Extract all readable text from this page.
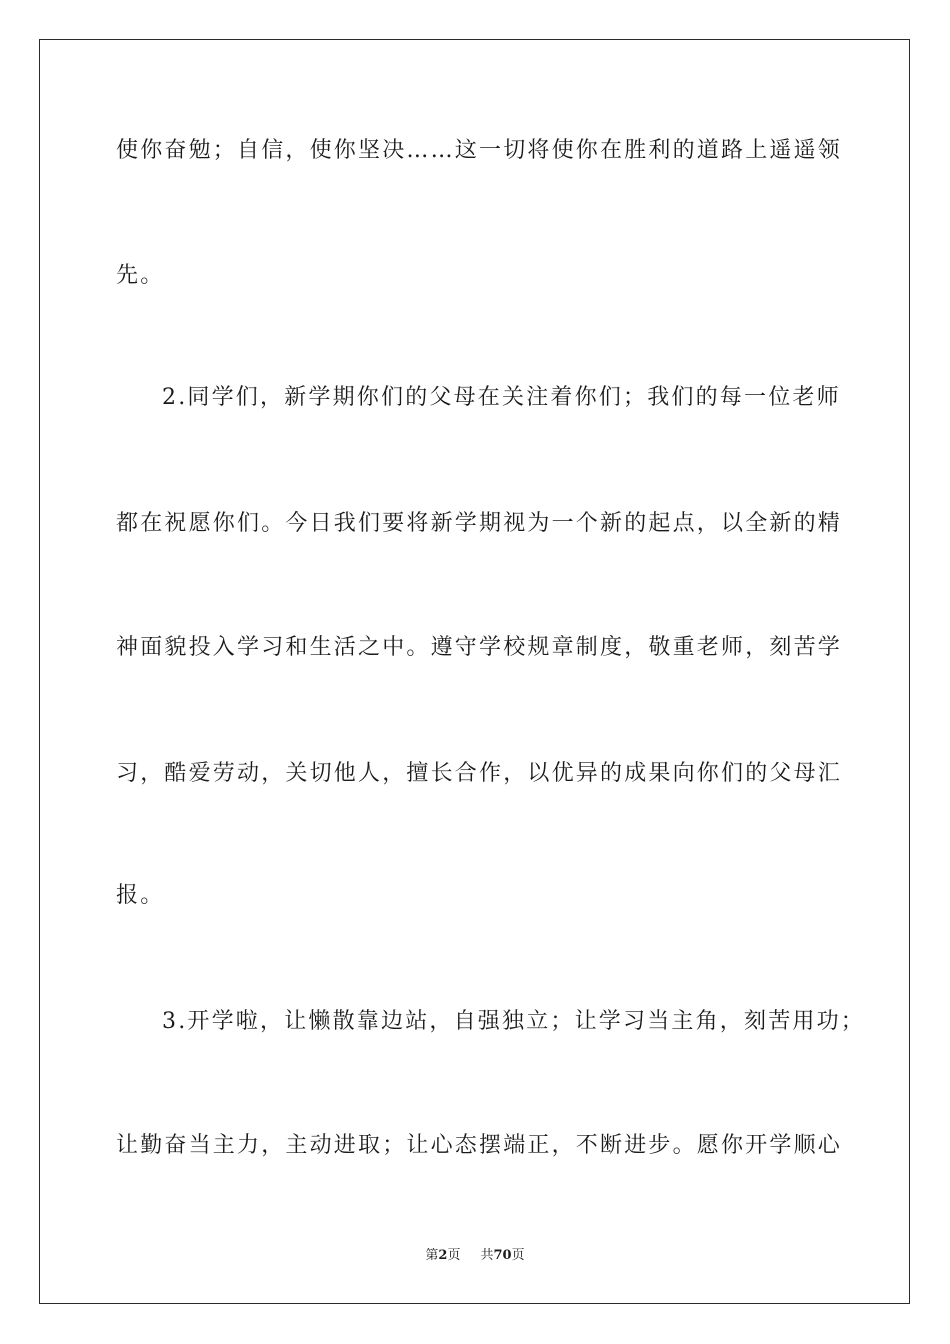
使你奋勉；自信，使你坚决……这一切将使你在胜利的道路上遥遥领
先。
2.同学们，新学期你们的父母在关注着你们；我们的每一位老师
都在祝愿你们。今日我们要将新学期视为一个新的起点，以全新的精
神面貌投入学习和生活之中。遵守学校规章制度，敬重老师，刻苦学
习，酷爱劳动，关切他人，擅长合作，以优异的成果向你们的父母汇
报。
3.开学啦，让懒散靠边站，自强独立；让学习当主角，刻苦用功；
让勤奋当主力，主动进取；让心态摆端正，不断进步。愿你开学顺心
第2页 共70页
